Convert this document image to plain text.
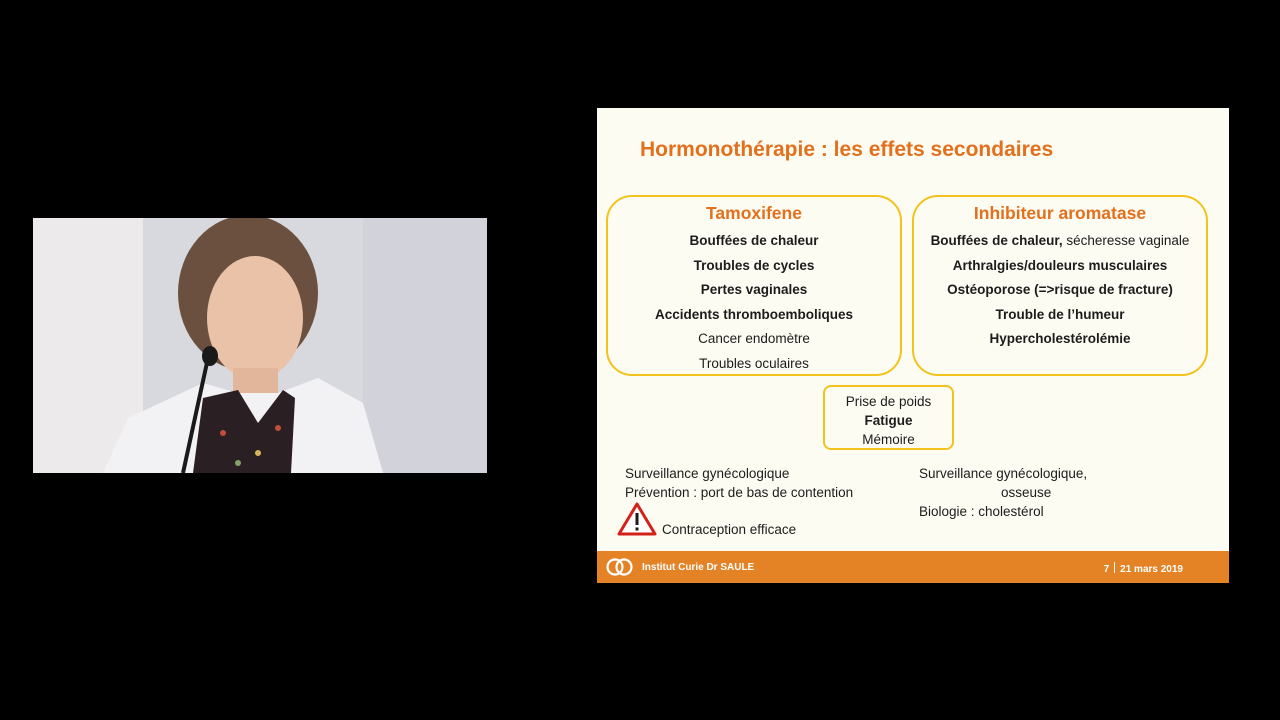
Hormonothérapie : les effets secondaires
Tamoxifene
Bouffées de chaleur
Troubles de cycles
Pertes vaginales
Accidents thromboemboliques
Cancer endomètre
Troubles oculaires
Inhibiteur aromatase
Bouffées de chaleur, sécheresse vaginale
Arthralgies/douleurs musculaires
Ostéoporose (=>risque de fracture)
Trouble de l’humeur
Hypercholestérolémie
Prise de poids
Fatigue
Mémoire
Surveillance gynécologique
Prévention : port de bas de contention
Contraception efficace
Surveillance gynécologique,
osseuse
Biologie : cholestérol
Institut Curie Dr SAULE	7 21 mars 2019
